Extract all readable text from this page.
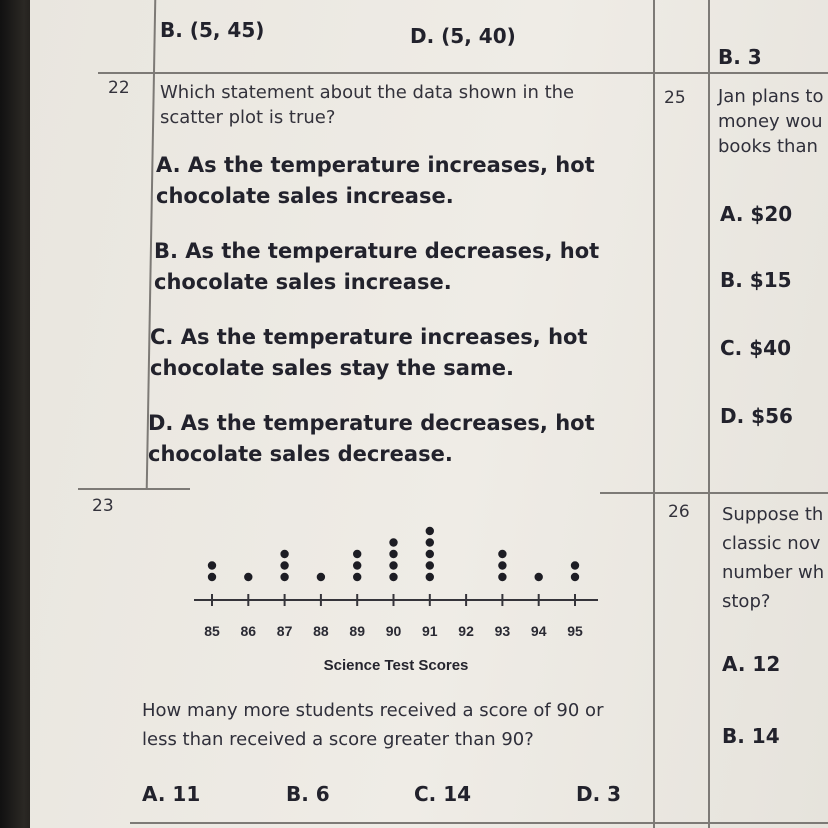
B. (5, 45)	D. (5, 40)
B. 3
22 Which statement about the data shown in the scatter plot is true?
A. As the temperature increases, hot chocolate sales increase.
B. As the temperature decreases, hot chocolate sales increase.
C. As the temperature increases, hot chocolate sales stay the same.
D. As the temperature decreases, hot chocolate sales decrease.
25 Jan plans to
money wou
books than
A. $20
B. $15
C. $40
D. $56
23
85 86 87 88 89 90 91 92 93 94 95
Science Test Scores
How many more students received a score of 90 or less than received a score greater than 90?
A. 11	B. 6	C. 14	D. 3
26 Suppose th
classic nov
number wh
stop?
A. 12
B. 14
